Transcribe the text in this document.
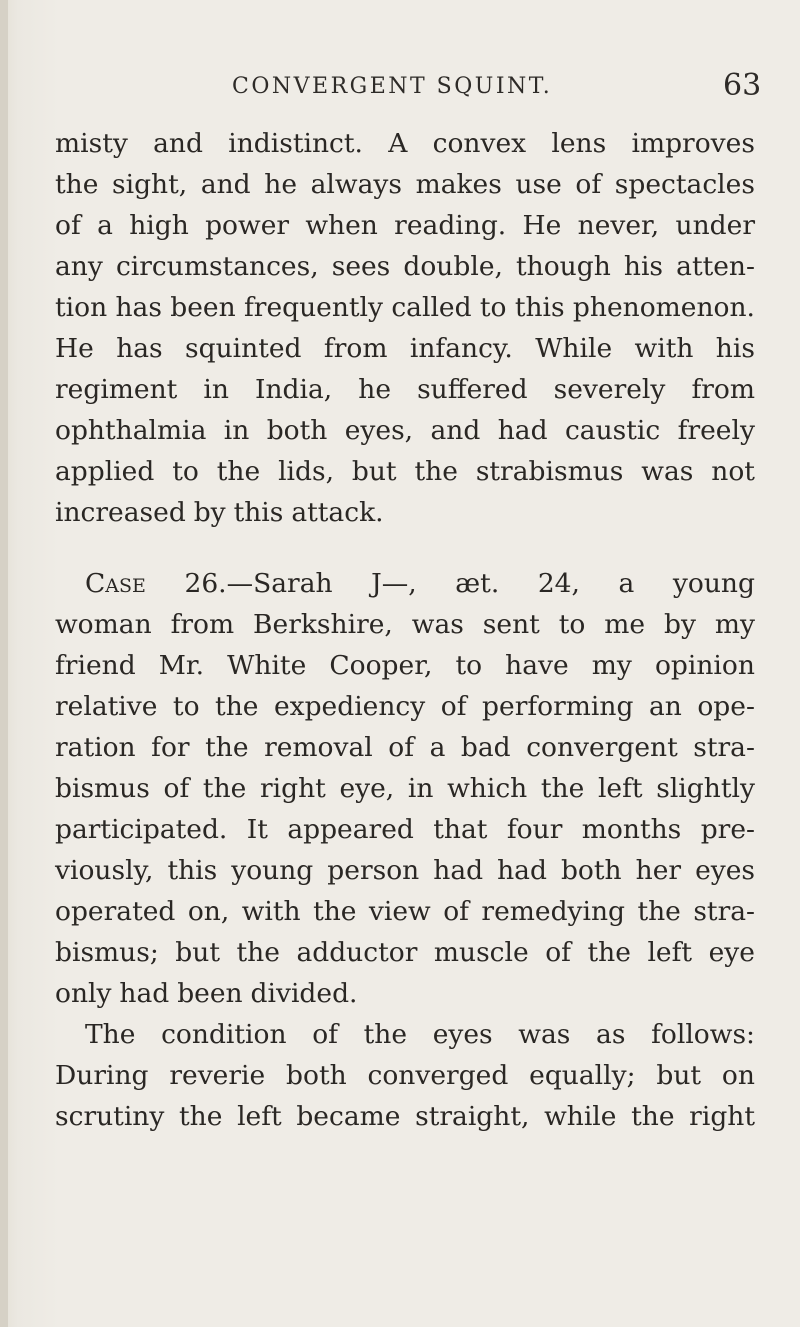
CONVERGENT SQUINT.	63
misty and indistinct. A convex lens improves
the sight, and he always makes use of spectacles
of a high power when reading. He never, under
any circumstances, sees double, though his atten-
tion has been frequently called to this phenomenon.
He has squinted from infancy. While with his
regiment in India, he suffered severely from
ophthalmia in both eyes, and had caustic freely
applied to the lids, but the strabismus was not
increased by this attack.
Case 26.—Sarah J—, æt. 24, a young
woman from Berkshire, was sent to me by my
friend Mr. White Cooper, to have my opinion
relative to the expediency of performing an ope-
ration for the removal of a bad convergent stra-
bismus of the right eye, in which the left slightly
participated. It appeared that four months pre-
viously, this young person had had both her eyes
operated on, with the view of remedying the stra-
bismus; but the adductor muscle of the left eye
only had been divided.
The condition of the eyes was as follows:
During reverie both converged equally; but on
scrutiny the left became straight, while the right
